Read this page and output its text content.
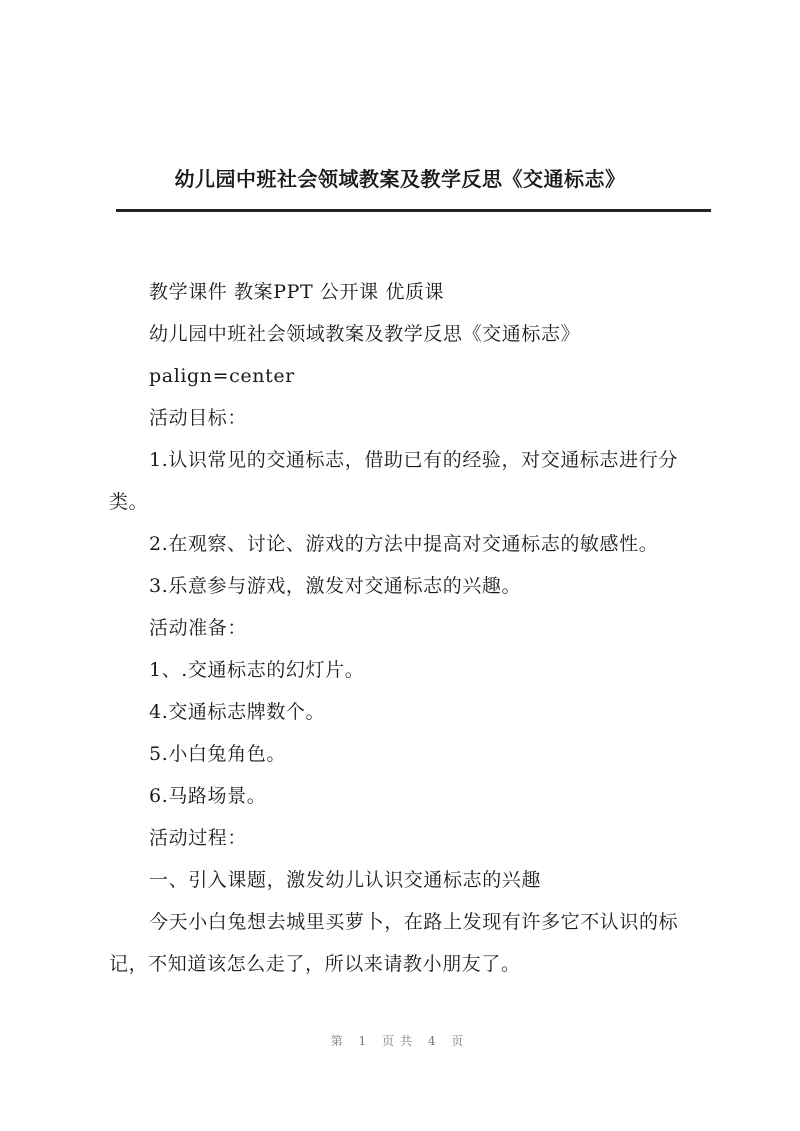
幼儿园中班社会领域教案及教学反思《交通标志》

教学课件 教案PPT 公开课 优质课

幼儿园中班社会领域教案及教学反思《交通标志》

palign=center

活动目标：

1.认识常见的交通标志，借助已有的经验，对交通标志进行分类。

2.在观察、讨论、游戏的方法中提高对交通标志的敏感性。

3.乐意参与游戏，激发对交通标志的兴趣。

活动准备：

1、.交通标志的幻灯片。

4.交通标志牌数个。

5.小白兔角色。

6.马路场景。

活动过程：

一、引入课题，激发幼儿认识交通标志的兴趣

今天小白兔想去城里买萝卜，在路上发现有许多它不认识的标记，不知道该怎么走了，所以来请教小朋友了。

第 1 页共 4 页
